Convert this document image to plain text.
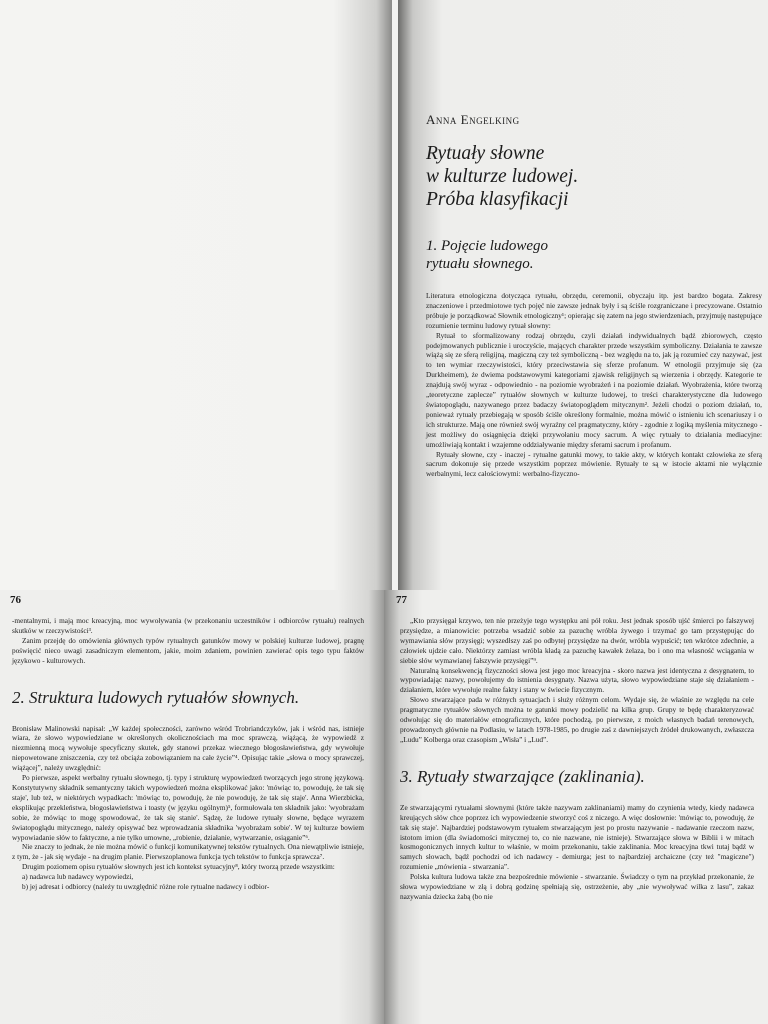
Anna Engelking
Rytuały słowne
w kulturze ludowej.
Próba klasyfikacji
1. Pojęcie ludowego
rytuału słownego.

Literatura etnologiczna dotycząca rytuału, obrzędu, ceremonii, obyczaju itp. jest bardzo bogata. Zakresy znaczeniowe i przedmiotowe tych pojęć nie zawsze jednak były i są ściśle rozgraniczane i precyzowane. Ostatnio próbuje je porządkować Słownik etnologiczny¹; opierając się zatem na jego stwierdzeniach, przyjmuję następujące rozumienie terminu ludowy rytuał słowny:

Rytuał to sformalizowany rodzaj obrzędu, czyli działań indywidualnych bądź zbiorowych, często podejmowanych publicznie i uroczyście, mających charakter przede wszystkim symboliczny. Działania te zawsze wiążą się ze sferą religijną, magiczną czy też symboliczną - bez względu na to, jak ją rozumieć czy nazywać, jest to ten wymiar rzeczywistości, który przeciwstawia się sferze profanum. W etnologii przyjmuje się (za Durkheimem), że dwiema podstawowymi kategoriami zjawisk religijnych są wierzenia i obrzędy. Kategorie te znajdują swój wyraz - odpowiednio - na poziomie wyobrażeń i na poziomie działań. Wyobrażenia, które tworzą „teoretyczne zaplecze” rytuałów słownych w kulturze ludowej, to treści charakterystyczne dla ludowego światopoglądu, nazywanego przez badaczy światopoglądem mitycznym². Jeżeli chodzi o poziom działań, to, ponieważ rytuały przebiegają w sposób ściśle określony formalnie, można mówić o istnieniu ich scenariuszy i o ich strukturze. Mają one również swój wyraźny cel pragmatyczny, który - zgodnie z logiką myślenia mitycznego - jest możliwy do osiągnięcia dzięki przywołaniu mocy sacrum. A więc rytuały to działania mediacyjne: umożliwiają kontakt i wzajemne oddziaływanie między sferami sacrum i profanum.

Rytuały słowne, czy - inaczej - rytualne gatunki mowy, to takie akty, w których kontakt człowieka ze sferą sacrum dokonuje się przede wszystkim poprzez mówienie. Rytuały te są w istocie aktami nie wyłącznie werbalnymi, lecz całościowymi: werbalno-fizyczno-

76

-mentalnymi, i mają moc kreacyjną, moc wywoływania (w przekonaniu uczestników i odbiorców rytuału) realnych skutków w rzeczywistości³.

Zanim przejdę do omówienia głównych typów rytualnych gatunków mowy w polskiej kulturze ludowej, pragnę poświęcić nieco uwagi zasadniczym elementom, jakie, moim zdaniem, powinien zawierać opis tego typu faktów językowo - kulturowych.

2. Struktura ludowych rytuałów słownych.

Bronisław Malinowski napisał: „W każdej społeczności, zarówno wśród Trobriandczyków, jak i wśród nas, istnieje wiara, że słowo wypowiedziane w określonych okolicznościach ma moc sprawczą, wiążącą, że wypowiedź z niezmienną mocą wywołuje specyficzny skutek, gdy stanowi przekaz wiecznego błogosławieństwa, gdy wywołuje niepowetowane zniszczenia, czy też obciąża zobowiązaniem na całe życie”⁴. Opisując takie „słowa o mocy sprawczej, wiążącej”, należy uwzględnić:

Po pierwsze, aspekt werbalny rytuału słownego, tj. typy i strukturę wypowiedzeń tworzących jego stronę językową. Konstytutywny składnik semantyczny takich wypowiedzeń można eksplikować jako: 'mówiąc to, powoduję, że tak się staje', lub też, w niektórych wypadkach: 'mówiąc to, powoduję, że nie powoduję, że tak się staje'. Anna Wierzbicka, eksplikując przekleństwa, błogosławieństwa i toasty (w języku ogólnym)⁵, formułowała ten składnik jako: 'wyobrażam sobie, że mówiąc to mogę spowodować, że tak się stanie'. Sądzę, że ludowe rytuały słowne, będące wyrazem światopoglądu mitycznego, należy opisywać bez wprowadzania składnika 'wyobrażam sobie'. W tej kulturze bowiem wypowiadanie słów to faktyczne, a nie tylko umowne, „robienie, działanie, wytwarzanie, osiąganie”⁶.

Nie znaczy to jednak, że nie można mówić o funkcji komunikatywnej tekstów rytualnych. Ona niewątpliwie istnieje, z tym, że - jak się wydaje - na drugim planie. Pierwszoplanowa funkcja tych tekstów to funkcja sprawcza⁷.

Drugim poziomem opisu rytuałów słownych jest ich kontekst sytuacyjny⁸, który tworzą przede wszystkim:

a) nadawca lub nadawcy wypowiedzi,

b) jej adresat i odbiorcy (należy tu uwzględnić różne role rytualne nadawcy i odbior-

77

„Kto przysięgał krzywo, ten nie przeżyje tego występku ani pół roku. Jest jednak sposób ujść śmierci po fałszywej przysiędze, a mianowicie: potrzeba wsadzić sobie za pazuchę wróbla żywego i trzymać go tam przystępując do wymawiania słów przysięgi; wyszedłszy zaś po odbytej przysiędze na dwór, wróbla wypuścić; ten wkrótce zdechnie, a człowiek ujdzie cało. Niektórzy zamiast wróbla kładą za pazuchę kawałek żelaza, bo i ono ma własność wciągania w siebie słów wymawianej fałszywie przysięgi”⁹.

Naturalną konsekwencją fizyczności słowa jest jego moc kreacyjna - skoro nazwa jest identyczna z desygnatem, to wypowiadając nazwy, powołujemy do istnienia desygnaty. Nazwa użyta, słowo wypowiedziane staje się działaniem - działaniem, które wywołuje realne fakty i stany w świecie fizycznym.

Słowo stwarzające pada w różnych sytuacjach i służy różnym celom. Wydaje się, że właśnie ze względu na cele pragmatyczne rytuałów słownych można te gatunki mowy podzielić na kilka grup. Grupy te będę charakteryzować odwołując się do materiałów etnograficznych, które pochodzą, po pierwsze, z moich własnych badań terenowych, prowadzonych głównie na Podlasiu, w latach 1978-1985, po drugie zaś z dawniejszych źródeł drukowanych, zwłaszcza „Ludu” Kolberga oraz czasopism „Wisła” i „Lud”.

3. Rytuały stwarzające (zaklinania).

Ze stwarzającymi rytuałami słownymi (które także nazywam zaklinaniami) mamy do czynienia wtedy, kiedy nadawca kreujących słów chce poprzez ich wypowiedzenie stworzyć coś z niczego. A więc dosłownie: 'mówiąc to, powoduję, że tak się staje'. Najbardziej podstawowym rytuałem stwarzającym jest po prostu nazywanie - nadawanie rzeczom nazw, istotom imion (dla świadomości mitycznej to, co nie nazwane, nie istnieje). Stwarzające słowa w Biblii i w mitach kosmogonicznych innych kultur to właśnie, w moim przekonaniu, takie zaklinania. Moc kreacyjna tkwi tutaj bądź w samych słowach, bądź pochodzi od ich nadawcy - demiurga; jest to najbardziej archaiczne (czy też "magiczne") rozumienie „mówienia - stwarzania”.

Polska kultura ludowa także zna bezpośrednie mówienie - stwarzanie. Świadczy o tym na przykład przekonanie, że słowa wypowiedziane w złą i dobrą godzinę spełniają się, ostrzeżenie, aby „nie wywoływać wilka z lasu”, zakaz nazywania dziecka żabą (bo nie
